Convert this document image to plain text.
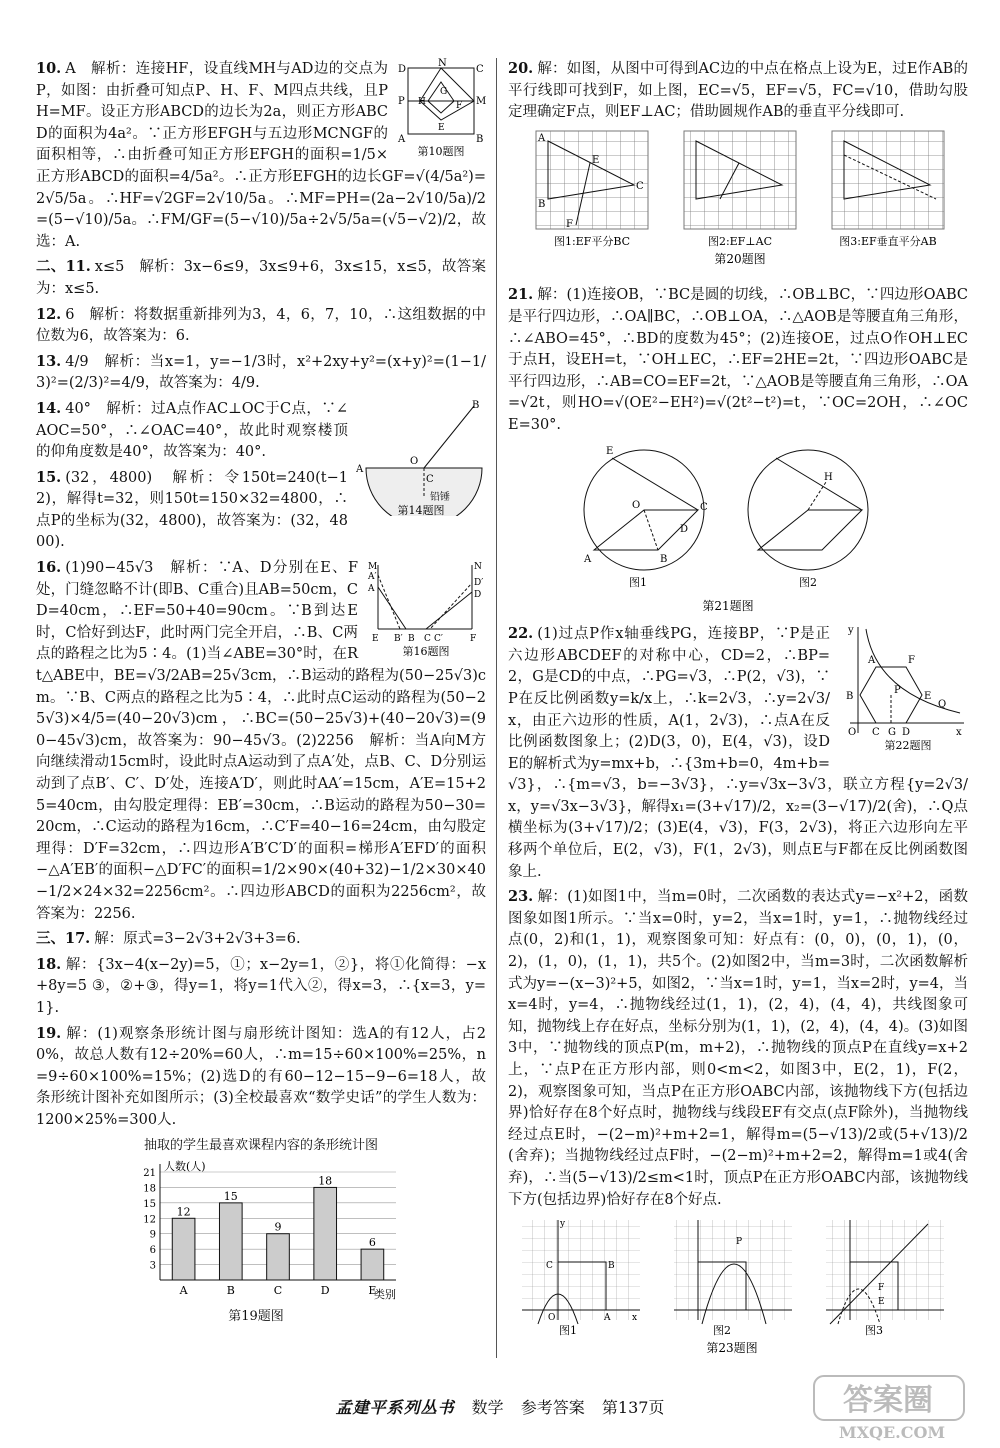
D
N
C
G
H	M
P	F
E
A	B
第10题图
10. A　解析：连接HF，设直线MH与AD边的交点为P，如图：由折叠可知点P、H、F、M四点共线，且PH=MF。设正方形ABCD的边长为2a，则正方形ABCD的面积为4a²。∵正方形EFGH与五边形MCNGF的面积相等，∴由折叠可知正方形EFGH的面积=1/5×正方形ABCD的面积=4/5a²。∴正方形EFGH的边长GF=√(4/5a²)=2√5/5a。∴HF=√2GF=2√10/5a。∴MF=PH=(2a−2√10/5a)/2=(5−√10)/5a。∴FM/GF=(5−√10)/5a÷2√5/5a=(√5−√2)/2，故选：A.
二、11. x≤5　解析：3x−6≤9，3x≤9+6，3x≤15，x≤5，故答案为：x≤5.
12. 6　解析：将数据重新排列为3，4，6，7，10，∴这组数据的中位数为6，故答案为：6.
13. 4/9　解析：当x=1，y=−1/3时，x²+2xy+y²=(x+y)²=(1−1/3)²=(2/3)²=4/9，故答案为：4/9.
B
O
A
C
铅锤
第14题图
14. 40°　解析：过A点作AC⊥OC于C点，∵∠AOC=50°，∴∠OAC=40°，故此时观察楼顶的仰角度数是40°，故答案为：40°.
15. (32，4800)　解析：令150t=240(t−12)，解得t=32，则150t=150×32=4800，∴点P的坐标为(32，4800)，故答案为：(32，4800).
M
A′
A
N
D′
D
E B′ B C C′	F
第16题图
16. (1)90−45√3　解析：∵A、D分别在E、F处，门缝忽略不计(即B、C重合)且AB=50cm，CD=40cm，∴EF=50+40=90cm。∵B到达E时，C恰好到达F，此时两门完全开启，∴B、C两点的路程之比为5∶4。(1)当∠ABE=30°时，在Rt△ABE中，BE=√3/2AB=25√3cm，∴B运动的路程为(50−25√3)cm。∵B、C两点的路程之比为5∶4，∴此时点C运动的路程为(50−25√3)×4/5=(40−20√3)cm，∴BC=(50−25√3)+(40−20√3)=(90−45√3)cm，故答案为：90−45√3。(2)2256　解析：当A向M方向继续滑动15cm时，设此时点A运动到了点A′处，点B、C、D分别运动到了点B′、C′、D′处，连接A′D′，则此时AA′=15cm，A′E=15+25=40cm，由勾股定理得：EB′=30cm，∴B运动的路程为50−30=20cm，∴C运动的路程为16cm，∴C′F=40−16=24cm，由勾股定理得：D′F=32cm，∴四边形A′B′C′D′的面积=梯形A′EFD′的面积−△A′EB′的面积−△D′FC′的面积=1/2×90×(40+32)−1/2×30×40−1/2×24×32=2256cm²。∴四边形ABCD的面积为2256cm²，故答案为：2256.
三、17. 解：原式=3−2√3+2√3+3=6.
18. 解：{3x−4(x−2y)=5，①；x−2y=1，②}，将①化简得：−x+8y=5 ③，②+③，得y=1，将y=1代入②，得x=3，∴{x=3，y=1}.
19. 解：(1)观察条形统计图与扇形统计图知：选A的有12人，占20%，故总人数有12÷20%=60人，∴m=15÷60×100%=25%，n=9÷60×100%=15%；(2)选D的有60−12−15−9−6=18人，故条形统计图补充如图所示；(3)全校最喜欢“数学史话”的学生人数为：1200×25%=300人.
抽取的学生最喜欢课程内容的条形统计图
3
6
9
12
15
18
21
12
A
15
B
9
C
18
D
6
E
人数(人)
类别
第19题图
20. 解：如图，从图中可得到AC边的中点在格点上设为E，过E作AB的平行线即可找到F，如上图，EC=√5，EF=√5，FC=√10，借助勾股定理确定F点，则EF⊥AC；借助圆规作AB的垂直平分线即可.
A
E
C
B
F
图1:EF平分BC	图2:EF⊥AC	图3:EF垂直平分AB
第20题图
21. 解：(1)连接OB，∵BC是圆的切线，∴OB⊥BC，∵四边形OABC是平行四边形，∴OA∥BC，∴OB⊥OA，∴△AOB是等腰直角三角形，∴∠ABO=45°，∴BD的度数为45°；(2)连接OE，过点O作OH⊥EC于点H，设EH=t，∵OH⊥EC，∴EF=2HE=2t，∵四边形OABC是平行四边形，∴AB=CO=EF=2t，∵△AOB是等腰直角三角形，∴OA=√2t，则HO=√(OE²−EH²)=√(2t²−t²)=t，∵OC=2OH，∴∠OCE=30°.
E
O	C
A	B
D
H
图1	图2
第21题图
y
A	F
P
B	E
Q
O C G D	x
第22题图
22. (1)过点P作x轴垂线PG，连接BP，∵P是正六边形ABCDEF的对称中心，CD=2，∴BP=2，G是CD的中点，∴PG=√3，∴P(2，√3)，∵P在反比例函数y=k/x上，∴k=2√3，∴y=2√3/x，由正六边形的性质，A(1，2√3)，∴点A在反比例函数图象上；(2)D(3，0)，E(4，√3)，设DE的解析式为y=mx+b，∴{3m+b=0，4m+b=√3}，∴{m=√3，b=−3√3}，∴y=√3x−3√3，联立方程{y=2√3/x，y=√3x−3√3}，解得x₁=(3+√17)/2，x₂=(3−√17)/2(舍)，∴Q点横坐标为(3+√17)/2；(3)E(4，√3)，F(3，2√3)，将正六边形向左平移两个单位后，E(2，√3)，F(1，2√3)，则点E与F都在反比例函数图象上.
23. 解：(1)如图1中，当m=0时，二次函数的表达式y=−x²+2，函数图象如图1所示。∵当x=0时，y=2，当x=1时，y=1，∴抛物线经过点(0，2)和(1，1)，观察图象可知：好点有：(0，0)，(0，1)，(0，2)，(1，0)，(1，1)，共5个。(2)如图2中，当m=3时，二次函数解析式为y=−(x−3)²+5，如图2，∵当x=1时，y=1，当x=2时，y=4，当x=4时，y=4，∴抛物线经过(1，1)，(2，4)，(4，4)，共线图象可知，抛物线上存在好点，坐标分别为(1，1)，(2，4)，(4，4)。(3)如图3中，∵抛物线的顶点P(m，m+2)，∴抛物线的顶点P在直线y=x+2上，∵点P在正方形内部，则0<m<2，如图3中，E(2，1)，F(2，2)，观察图象可知，当点P在正方形OABC内部，该抛物线下方(包括边界)恰好存在8个好点时，抛物线与线段EF有交点(点F除外)，当抛物线经过点E时，−(2−m)²+m+2=1，解得m=(5−√13)/2或(5+√13)/2(舍弃)；当抛物线经过点F时，−(2−m)²+m+2=2，解得m=1或4(舍弃)，∴当(5−√13)/2≤m<1时，顶点P在正方形OABC内部，该抛物线下方(包括边界)恰好存在8个好点.
y
C	B
O	A x
P
F
E
图1	图2	图3
第23题图
孟建平系列丛书 数学 参考答案 第137页	答案圈
MXQE.COM
